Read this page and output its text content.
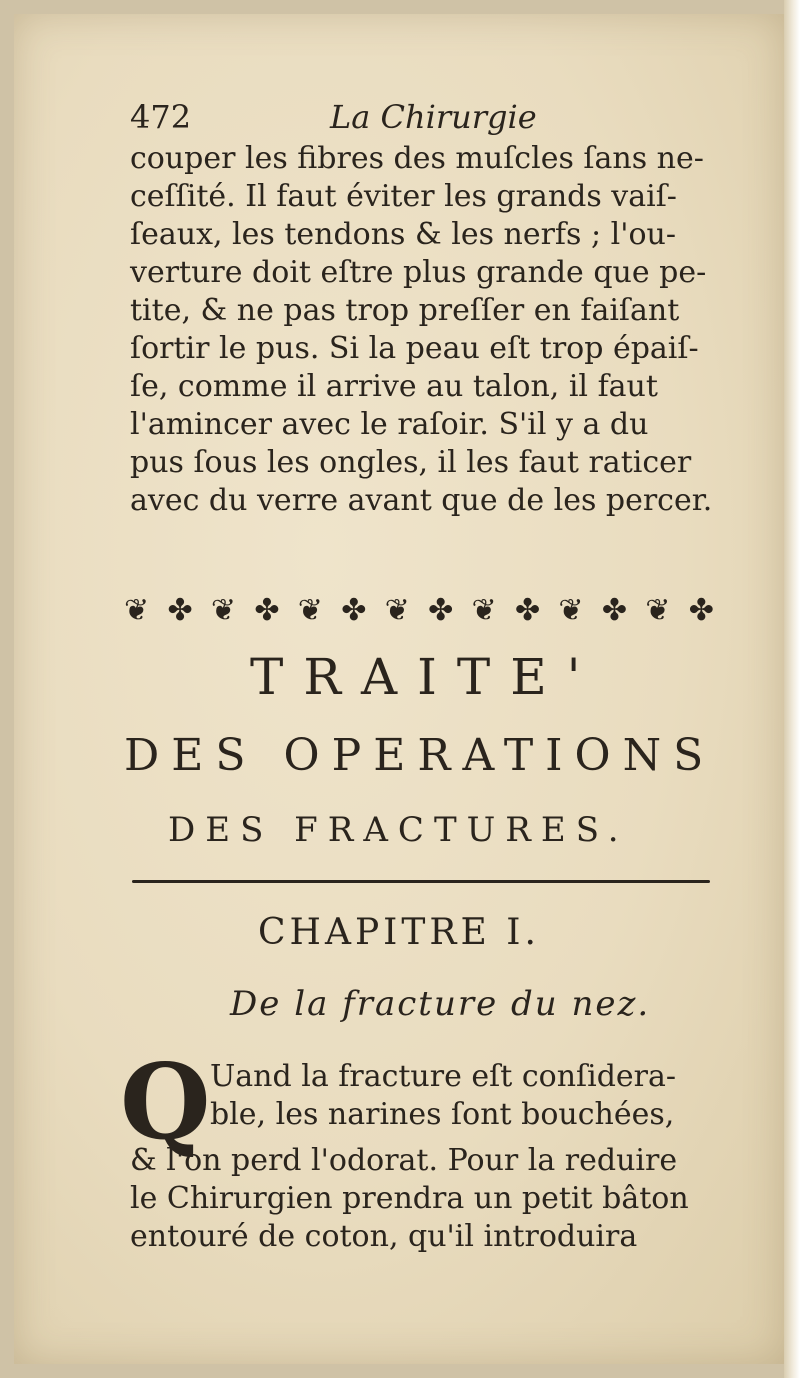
472	La Chirurgie
couper les fibres des muſcles ſans ne-
ceſſité. Il faut éviter les grands vaiſ-
ſeaux, les tendons & les nerfs ; l'ou-
verture doit eſtre plus grande que pe-
tite, & ne pas trop preſſer en faiſant
ſortir le pus. Si la peau eſt trop épaiſ-
ſe, comme il arrive au talon, il faut
l'amincer avec le raſoir. S'il y a du
pus ſous les ongles, il les faut raticer
avec du verre avant que de les percer.
❦ ✤ ❦ ✤ ❦ ✤ ❦ ✤ ❦ ✤ ❦ ✤ ❦ ✤
TRAITE'
DES OPERATIONS
DES FRACTURES.
CHAPITRE I.
De la fracture du nez.
Q Uand la fracture eſt conſidera-
ble, les narines ſont bouchées,
& l'on perd l'odorat. Pour la reduire
le Chirurgien prendra un petit bâton
entouré de coton, qu'il introduira
